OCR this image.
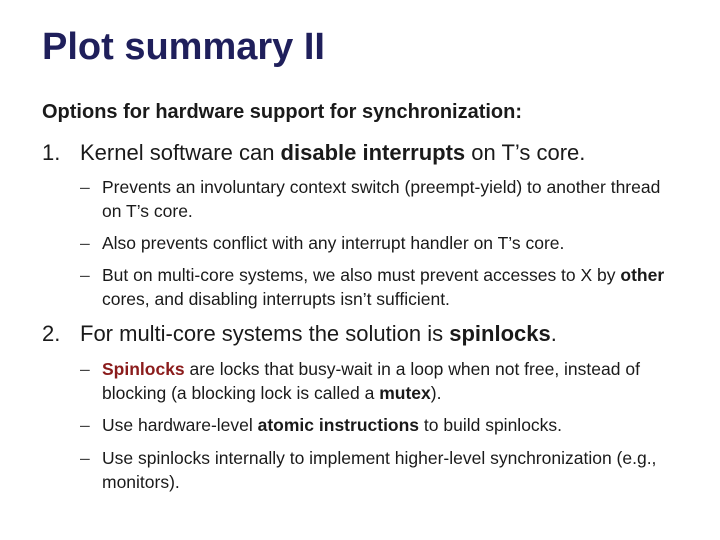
Plot summary II

Options for hardware support for synchronization:

1. Kernel software can disable interrupts on T’s core.
– Prevents an involuntary context switch (preempt-yield) to another thread on T’s core.
– Also prevents conflict with any interrupt handler on T’s core.
– But on multi-core systems, we also must prevent accesses to X by other cores, and disabling interrupts isn’t sufficient.
2. For multi-core systems the solution is spinlocks.
– Spinlocks are locks that busy-wait in a loop when not free, instead of blocking (a blocking lock is called a mutex).
– Use hardware-level atomic instructions to build spinlocks.
– Use spinlocks internally to implement higher-level synchronization (e.g., monitors).
